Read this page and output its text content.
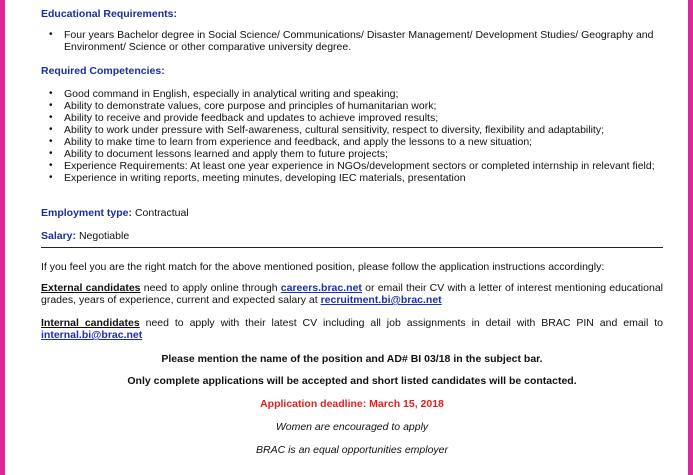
Educational Requirements:
• Four years Bachelor degree in Social Science/ Communications/ Disaster Management/ Development Studies/ Geography and Environment/ Science or other comparative university degree.
Required Competencies:
• Good command in English, especially in analytical writing and speaking;
• Ability to demonstrate values, core purpose and principles of humanitarian work;
• Ability to receive and provide feedback and updates to achieve improved results;
• Ability to work under pressure with Self-awareness, cultural sensitivity, respect to diversity, flexibility and adaptability;
• Ability to make time to learn from experience and feedback, and apply the lessons to a new situation;
• Ability to document lessons learned and apply them to future projects;
• Experience Requirements: At least one year experience in NGOs/development sectors or completed internship in relevant field;
• Experience in writing reports, meeting minutes, developing IEC materials, presentation
Employment type: Contractual
Salary: Negotiable
If you feel you are the right match for the above mentioned position, please follow the application instructions accordingly:
External candidates need to apply online through careers.brac.net or email their CV with a letter of interest mentioning educational grades, years of experience, current and expected salary at recruitment.bi@brac.net
Internal candidates need to apply with their latest CV including all job assignments in detail with BRAC PIN and email to internal.bi@brac.net
Please mention the name of the position and AD# BI 03/18 in the subject bar.
Only complete applications will be accepted and short listed candidates will be contacted.
Application deadline: March 15, 2018
Women are encouraged to apply
BRAC is an equal opportunities employer
